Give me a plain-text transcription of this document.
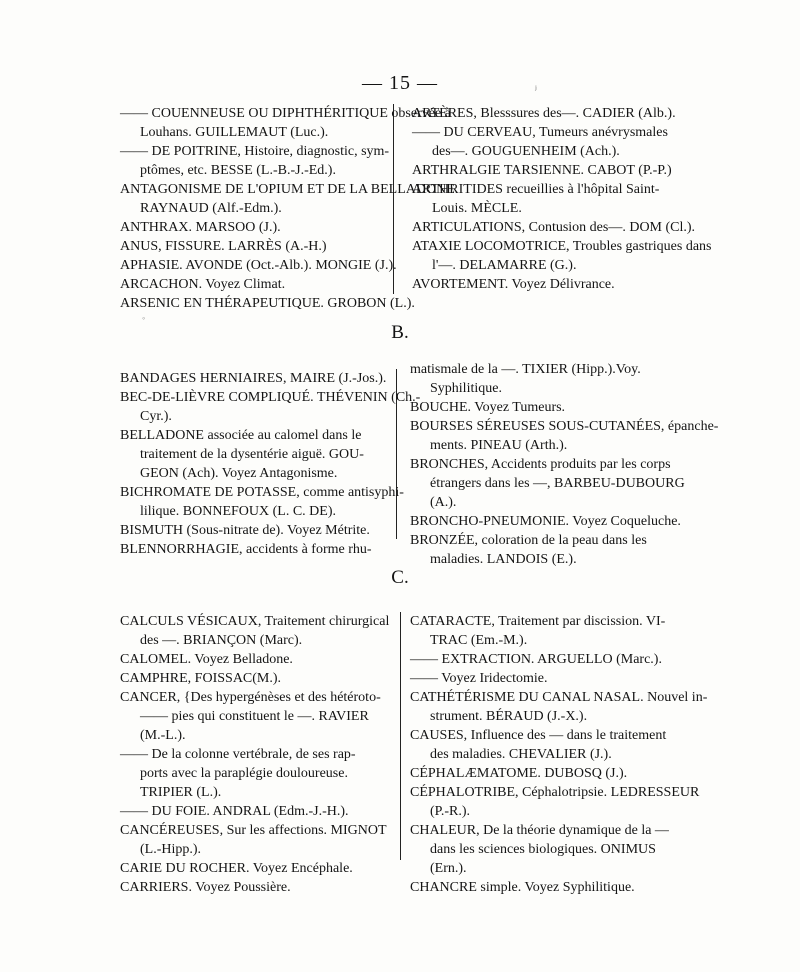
— 15 —	ʲ
◦
—— COUENNEUSE OU DIPHTHÉRITIQUE observée à
Louhans. GUILLEMAUT (Luc.).
—— DE POITRINE, Histoire, diagnostic, sym-
ptômes, etc. BESSE (L.-B.-J.-Ed.).
ANTAGONISME DE L'OPIUM ET DE LA BELLADONE.
RAYNAUD (Alf.-Edm.).
ANTHRAX. MARSOO (J.).
ANUS, FISSURE. LARRÈS (A.-H.)
APHASIE. AVONDE (Oct.-Alb.). MONGIE (J.).
ARCACHON. Voyez Climat.
ARSENIC EN THÉRAPEUTIQUE. GROBON (L.).
ARTÈRES, Blesssures des—. CADIER (Alb.).
—— DU CERVEAU, Tumeurs anévrysmales
des—. GOUGUENHEIM (Ach.).
ARTHRALGIE TARSIENNE. CABOT (P.-P.)
ARTHRITIDES recueillies à l'hôpital Saint-
Louis. MÈCLE.
ARTICULATIONS, Contusion des—. DOM (Cl.).
ATAXIE LOCOMOTRICE, Troubles gastriques dans
l'—. DELAMARRE (G.).
AVORTEMENT. Voyez Délivrance.
B.
BANDAGES HERNIAIRES, MAIRE (J.-Jos.).
BEC-DE-LIÈVRE COMPLIQUÉ. THÉVENIN (Ch.-
Cyr.).
BELLADONE associée au calomel dans le
traitement de la dysentérie aiguë. GOU-
GEON (Ach). Voyez Antagonisme.
BICHROMATE DE POTASSE, comme antisyphi-
lilique. BONNEFOUX (L. C. DE).
BISMUTH (Sous-nitrate de). Voyez Métrite.
BLENNORRHAGIE, accidents à forme rhu-
matismale de la —. TIXIER (Hipp.).Voy.
Syphilitique.
BOUCHE. Voyez Tumeurs.
BOURSES SÉREUSES SOUS-CUTANÉES, épanche-
ments. PINEAU (Arth.).
BRONCHES, Accidents produits par les corps
étrangers dans les —, BARBEU-DUBOURG
(A.).
BRONCHO-PNEUMONIE. Voyez Coqueluche.
BRONZÉE, coloration de la peau dans les
maladies. LANDOIS (E.).
C.
CALCULS VÉSICAUX, Traitement chirurgical
des —. BRIANÇON (Marc).
CALOMEL. Voyez Belladone.
CAMPHRE, FOISSAC(M.).
CANCER, {Des hypergénèses et des hétéroto-
—— pies qui constituent le —. RAVIER
(M.-L.).
—— De la colonne vertébrale, de ses rap-
ports avec la paraplégie douloureuse.
TRIPIER (L.).
—— DU FOIE. ANDRAL (Edm.-J.-H.).
CANCÉREUSES, Sur les affections. MIGNOT
(L.-Hipp.).
CARIE DU ROCHER. Voyez Encéphale.
CARRIERS. Voyez Poussière.
CATARACTE, Traitement par discission. VI-
TRAC (Em.-M.).
—— EXTRACTION. ARGUELLO (Marc.).
—— Voyez Iridectomie.
CATHÉTÉRISME DU CANAL NASAL. Nouvel in-
strument. BÉRAUD (J.-X.).
CAUSES, Influence des — dans le traitement
des maladies. CHEVALIER (J.).
CÉPHALÆMATOME. DUBOSQ (J.).
CÉPHALOTRIBE, Céphalotripsie. LEDRESSEUR
(P.-R.).
CHALEUR, De la théorie dynamique de la —
dans les sciences biologiques. ONIMUS
(Ern.).
CHANCRE simple. Voyez Syphilitique.
